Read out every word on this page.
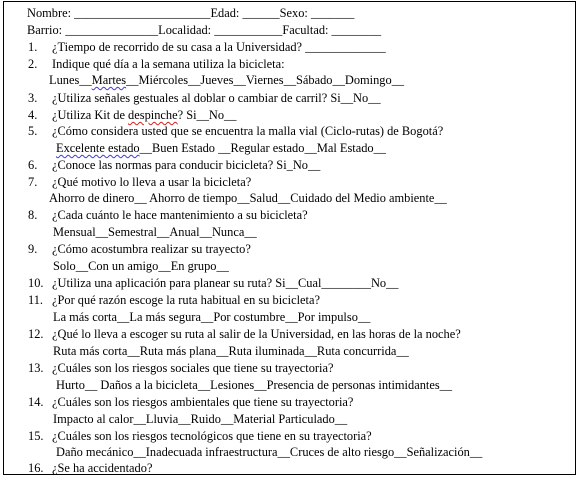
Nombre: ______________________Edad: ______Sexo: _______
Barrio: _______________Localidad: ___________Facultad: ________
1. ¿Tiempo de recorrido de su casa a la Universidad? _____________
2. Indique qué día a la semana utiliza la bicicleta:
Lunes__Martes__Miércoles__Jueves__Viernes__Sábado__Domingo__
3. ¿Utiliza señales gestuales al doblar o cambiar de carril? Si__No__
4. ¿Utiliza Kit de despinche? Si__No__
5. ¿Cómo considera usted que se encuentra la malla vial (Ciclo-rutas) de Bogotá?
Excelente estado__Buen Estado __Regular estado__Mal Estado__
6. ¿Conoce las normas para conducir bicicleta? Si_No__
7. ¿Qué motivo lo lleva a usar la bicicleta?
Ahorro de dinero__ Ahorro de tiempo__Salud__Cuidado del Medio ambiente__
8. ¿Cada cuánto le hace mantenimiento a su bicicleta?
Mensual__Semestral__Anual__Nunca__
9. ¿Cómo acostumbra realizar su trayecto?
Solo__Con un amigo__En grupo__
10. ¿Utiliza una aplicación para planear su ruta? Si__Cual________No__
11. ¿Por qué razón escoge la ruta habitual en su bicicleta?
La más corta__La más segura__Por costumbre__Por impulso__
12. ¿Qué lo lleva a escoger su ruta al salir de la Universidad, en las horas de la noche?
Ruta más corta__Ruta más plana__Ruta iluminada__Ruta concurrida__
13. ¿Cuáles son los riesgos sociales que tiene su trayectoria?
Hurto__ Daños a la bicicleta__Lesiones__Presencia de personas intimidantes__
14. ¿Cuáles son los riesgos ambientales que tiene su trayectoria?
Impacto al calor__Lluvia__Ruido__Material Particulado__
15. ¿Cuáles son los riesgos tecnológicos que tiene en su trayectoria?
Daño mecánico__Inadecuada infraestructura__Cruces de alto riesgo__Señalización__
16. ¿Se ha accidentado?
